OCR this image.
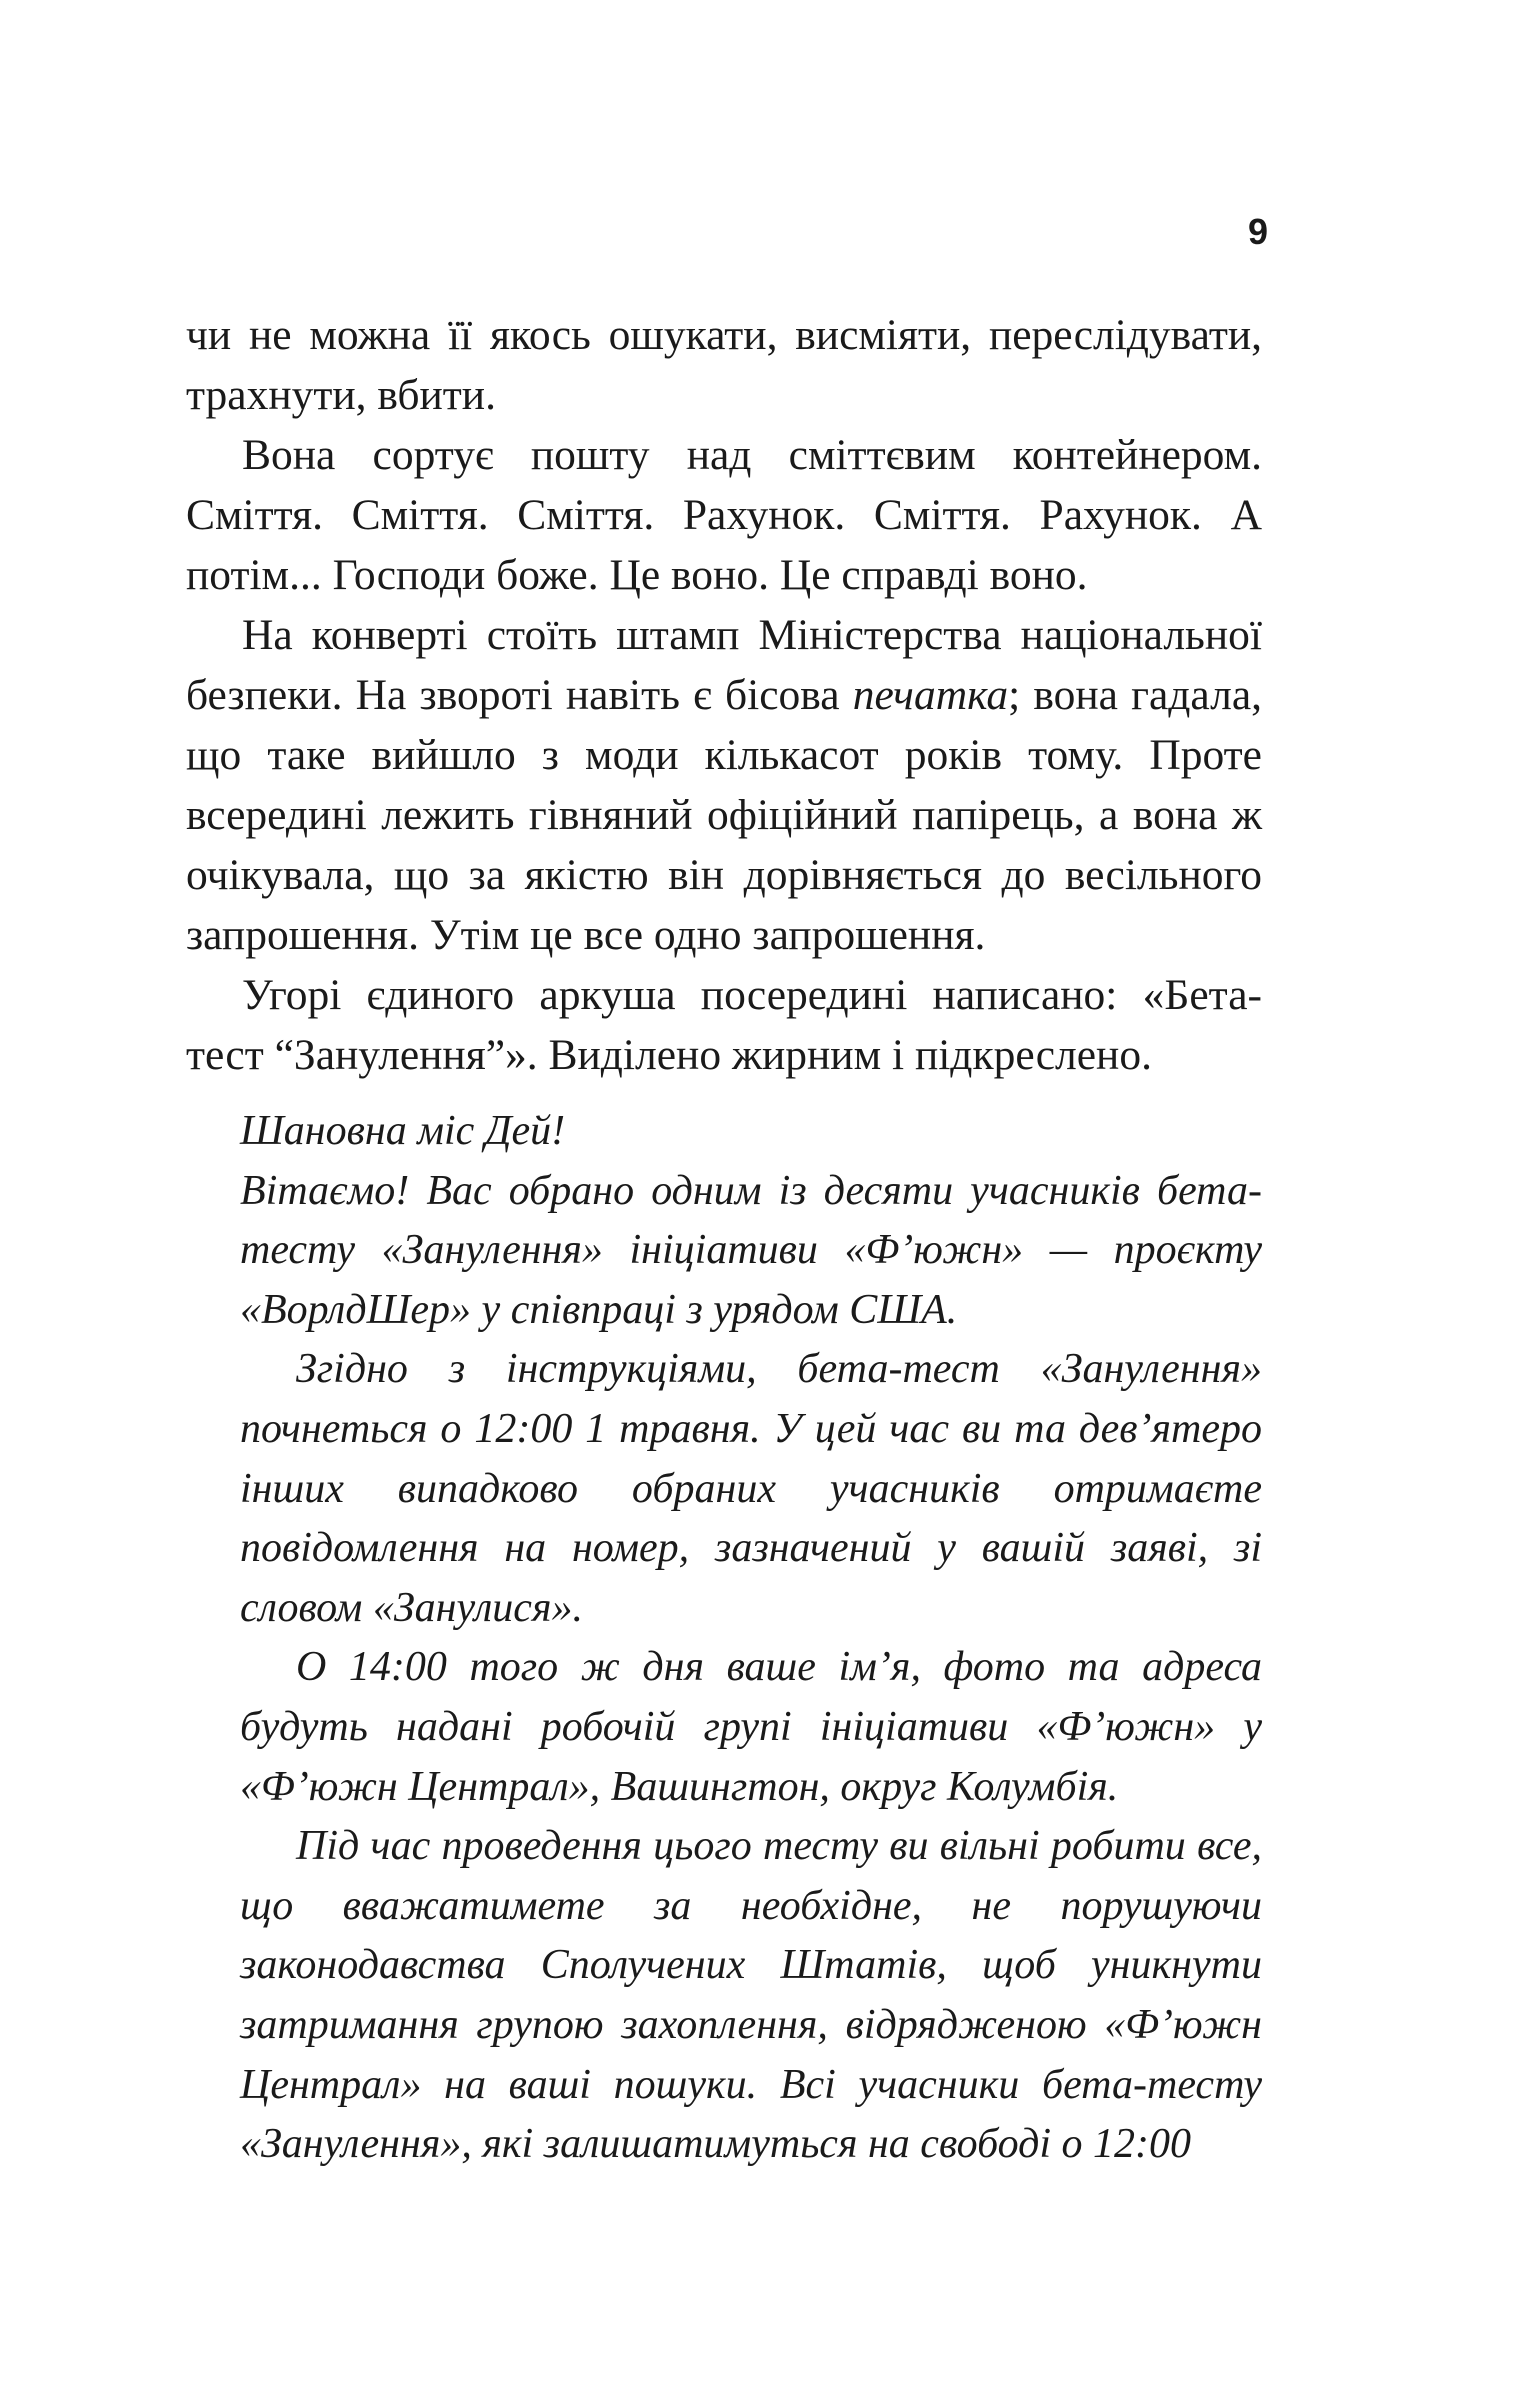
9

чи не можна її якось ошукати, висміяти, переслідувати, трахнути, вбити.

Вона сортує пошту над сміттєвим контейнером. Сміття. Сміття. Сміття. Рахунок. Сміття. Рахунок. А потім... Господи боже. Це воно. Це справді воно.

На конверті стоїть штамп Міністерства національної безпеки. На звороті навіть є бісова печатка; вона гадала, що таке вийшло з моди кількасот років тому. Проте всередині лежить гівняний офіційний папірець, а вона ж очікувала, що за якістю він дорівняється до весільного запрошення. Утім це все одно запрошення.

Угорі єдиного аркуша посередині написано: «Бета-тест “Занулення”». Виділено жирним і підкреслено.

Шановна міс Дей!

Вітаємо! Вас обрано одним із десяти учасників бета-тесту «Занулення» ініціативи «Ф’южн» — проєкту «ВорлдШер» у співпраці з урядом США.

Згідно з інструкціями, бета-тест «Занулення» почнеться о 12:00 1 травня. У цей час ви та дев’ятеро інших випадково обраних учасників отримаєте повідомлення на номер, зазначений у вашій заяві, зі словом «Занулися».

О 14:00 того ж дня ваше ім’я, фото та адреса будуть надані робочій групі ініціативи «Ф’южн» у «Ф’южн Централ», Вашингтон, округ Колумбія.

Під час проведення цього тесту ви вільні робити все, що вважатимете за необхідне, не порушуючи законодавства Сполучених Штатів, щоб уникнути затримання групою захоплення, відрядженою «Ф’южн Централ» на ваші пошуки. Всі учасники бета-тесту «Занулення», які залишатимуться на свободі о 12:00
